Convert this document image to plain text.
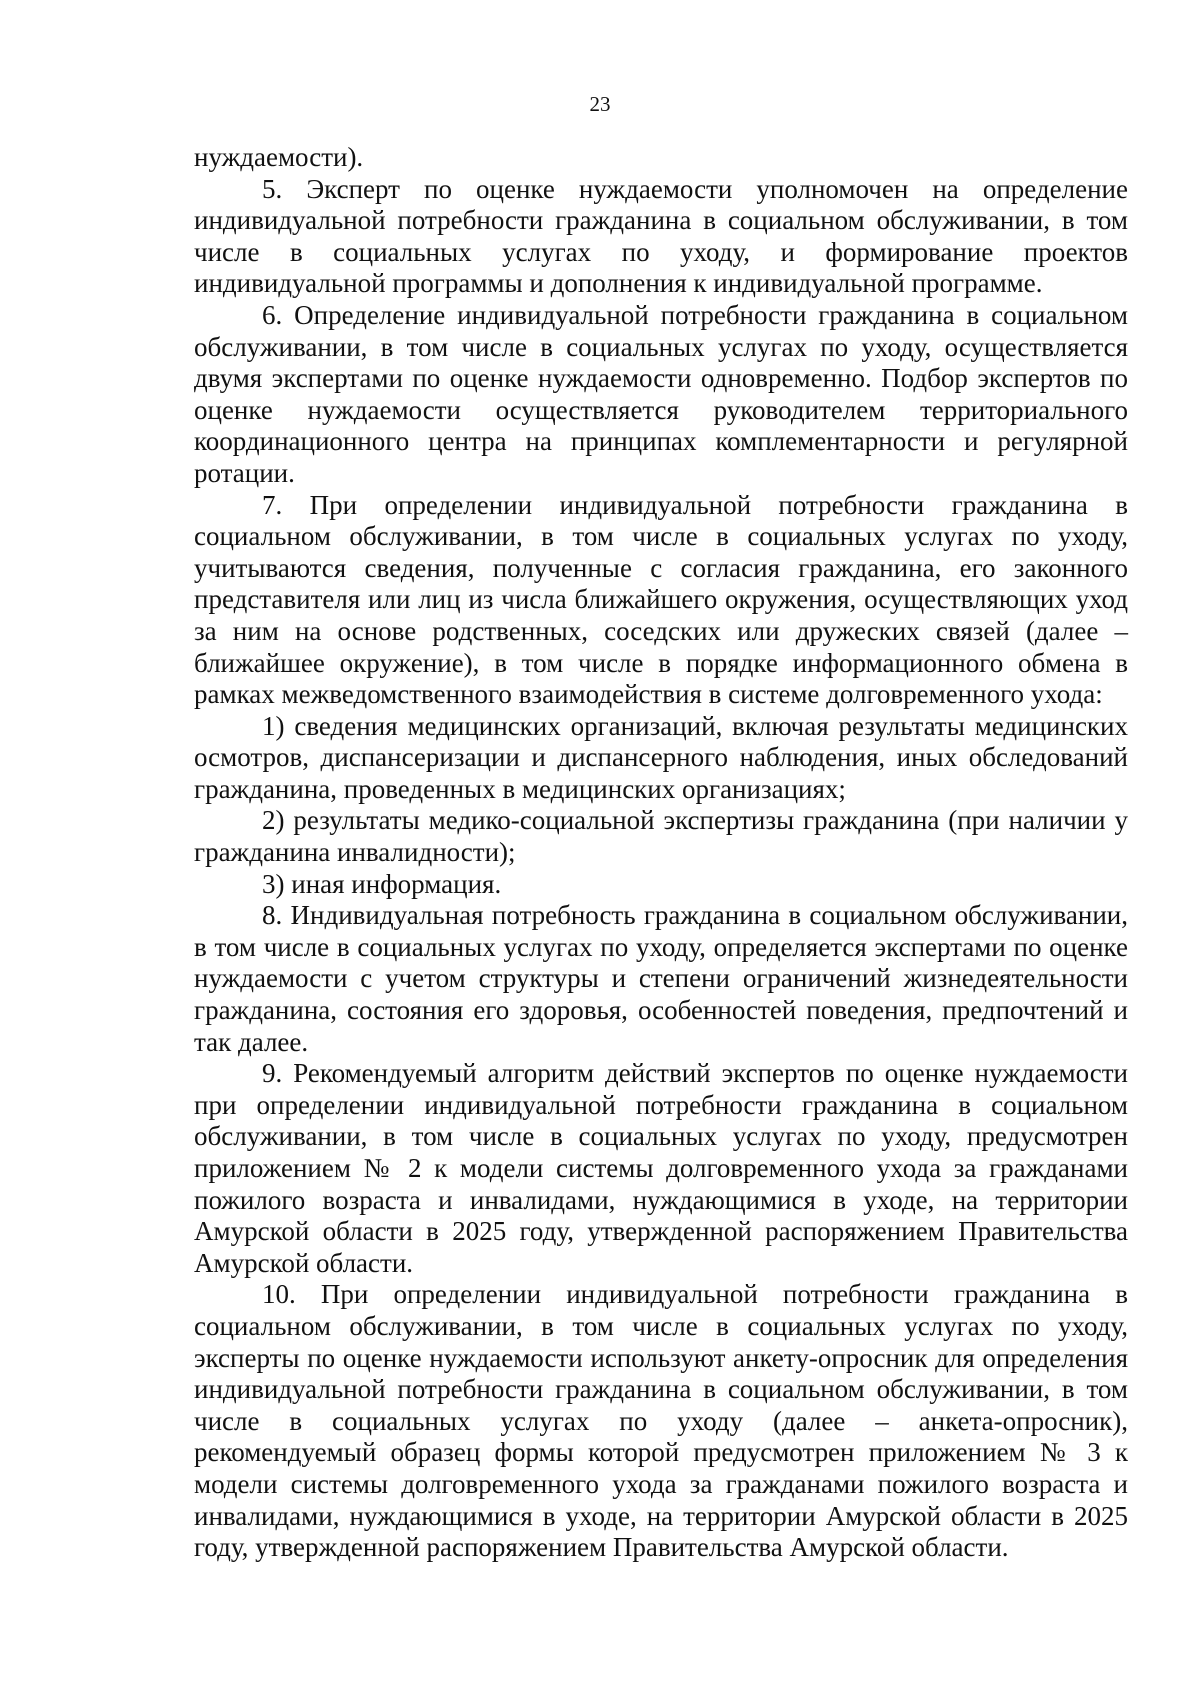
23

нуждаемости).

5. Эксперт по оценке нуждаемости уполномочен на определение индивидуальной потребности гражданина в социальном обслуживании, в том числе в социальных услугах по уходу, и формирование проектов индивидуальной программы и дополнения к индивидуальной программе.

6. Определение индивидуальной потребности гражданина в социальном обслуживании, в том числе в социальных услугах по уходу, осуществляется двумя экспертами по оценке нуждаемости одновременно. Подбор экспертов по оценке нуждаемости осуществляется руководителем территориального координационного центра на принципах комплементарности и регулярной ротации.

7. При определении индивидуальной потребности гражданина в социальном обслуживании, в том числе в социальных услугах по уходу, учитываются сведения, полученные с согласия гражданина, его законного представителя или лиц из числа ближайшего окружения, осуществляющих уход за ним на основе родственных, соседских или дружеских связей (далее – ближайшее окружение), в том числе в порядке информационного обмена в рамках межведомственного взаимодействия в системе долговременного ухода:

1) сведения медицинских организаций, включая результаты медицинских осмотров, диспансеризации и диспансерного наблюдения, иных обследований гражданина, проведенных в медицинских организациях;

2) результаты медико-социальной экспертизы гражданина (при наличии у гражданина инвалидности);

3) иная информация.

8. Индивидуальная потребность гражданина в социальном обслуживании, в том числе в социальных услугах по уходу, определяется экспертами по оценке нуждаемости с учетом структуры и степени ограничений жизнедеятельности гражданина, состояния его здоровья, особенностей поведения, предпочтений и так далее.

9. Рекомендуемый алгоритм действий экспертов по оценке нуждаемости при определении индивидуальной потребности гражданина в социальном обслуживании, в том числе в социальных услугах по уходу, предусмотрен приложением № 2 к модели системы долговременного ухода за гражданами пожилого возраста и инвалидами, нуждающимися в уходе, на территории Амурской области в 2025 году, утвержденной распоряжением Правительства Амурской области.

10. При определении индивидуальной потребности гражданина в социальном обслуживании, в том числе в социальных услугах по уходу, эксперты по оценке нуждаемости используют анкету-опросник для определения индивидуальной потребности гражданина в социальном обслуживании, в том числе в социальных услугах по уходу (далее – анкета-опросник), рекомендуемый образец формы которой предусмотрен приложением № 3 к модели системы долговременного ухода за гражданами пожилого возраста и инвалидами, нуждающимися в уходе, на территории Амурской области в 2025 году, утвержденной распоряжением Правительства Амурской области.
